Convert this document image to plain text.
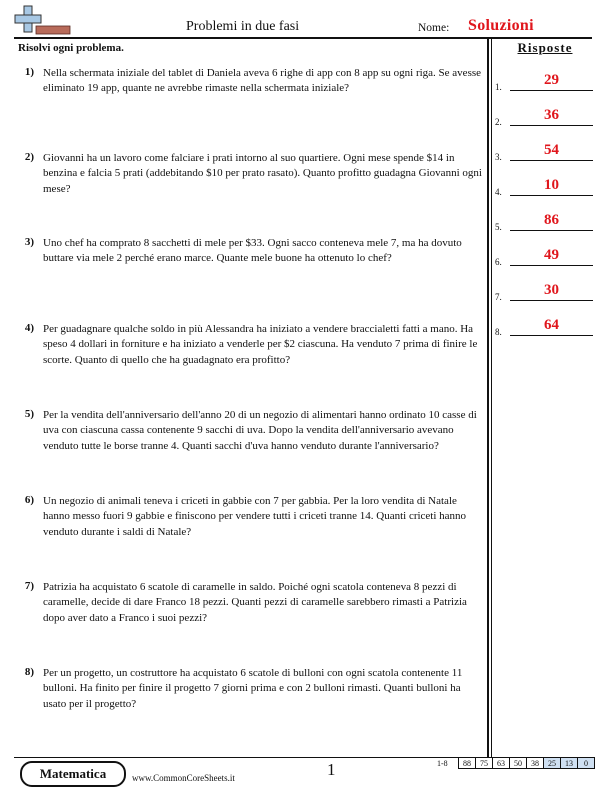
Problemi in due fasi	Nome: Soluzioni
Risolvi ogni problema.	Risposte
1) Nella schermata iniziale del tablet di Daniela aveva 6 righe di app con 8 app su ogni riga. Se avesse eliminato 19 app, quante ne avrebbe rimaste nella schermata iniziale?
2) Giovanni ha un lavoro come falciare i prati intorno al suo quartiere. Ogni mese spende $14 in benzina e falcia 5 prati (addebitando $10 per prato rasato). Quanto profitto guadagna Giovanni ogni mese?
3) Uno chef ha comprato 8 sacchetti di mele per $33. Ogni sacco conteneva mele 7, ma ha dovuto buttare via mele 2 perché erano marce. Quante mele buone ha ottenuto lo chef?
4) Per guadagnare qualche soldo in più Alessandra ha iniziato a vendere braccialetti fatti a mano. Ha speso 4 dollari in forniture e ha iniziato a venderle per $2 ciascuna. Ha venduto 7 prima di finire le scorte. Quanto di quello che ha guadagnato era profitto?
5) Per la vendita dell'anniversario dell'anno 20 di un negozio di alimentari hanno ordinato 10 casse di uva con ciascuna cassa contenente 9 sacchi di uva. Dopo la vendita dell'anniversario avevano venduto tutte le borse tranne 4. Quanti sacchi d'uva hanno venduto durante l'anniversario?
6) Un negozio di animali teneva i criceti in gabbie con 7 per gabbia. Per la loro vendita di Natale hanno messo fuori 9 gabbie e finiscono per vendere tutti i criceti tranne 14. Quanti criceti hanno venduto durante i saldi di Natale?
7) Patrizia ha acquistato 6 scatole di caramelle in saldo. Poiché ogni scatola conteneva 8 pezzi di caramelle, decide di dare Franco 18 pezzi. Quanti pezzi di caramelle sarebbero rimasti a Patrizia dopo aver dato a Franco i suoi pezzi?
8) Per un progetto, un costruttore ha acquistato 6 scatole di bulloni con ogni scatola contenente 11 bulloni. Ha finito per finire il progetto 7 giorni prima e con 2 bulloni rimasti. Quanti bulloni ha usato per il progetto?
1.	29
2.	36
3.	54
4.	10
5.	86
6.	49
7.	30
8.	64
Matematica	www.CommonCoreSheets.it	1	1-8 88	75	63	50	38	25	13	0
